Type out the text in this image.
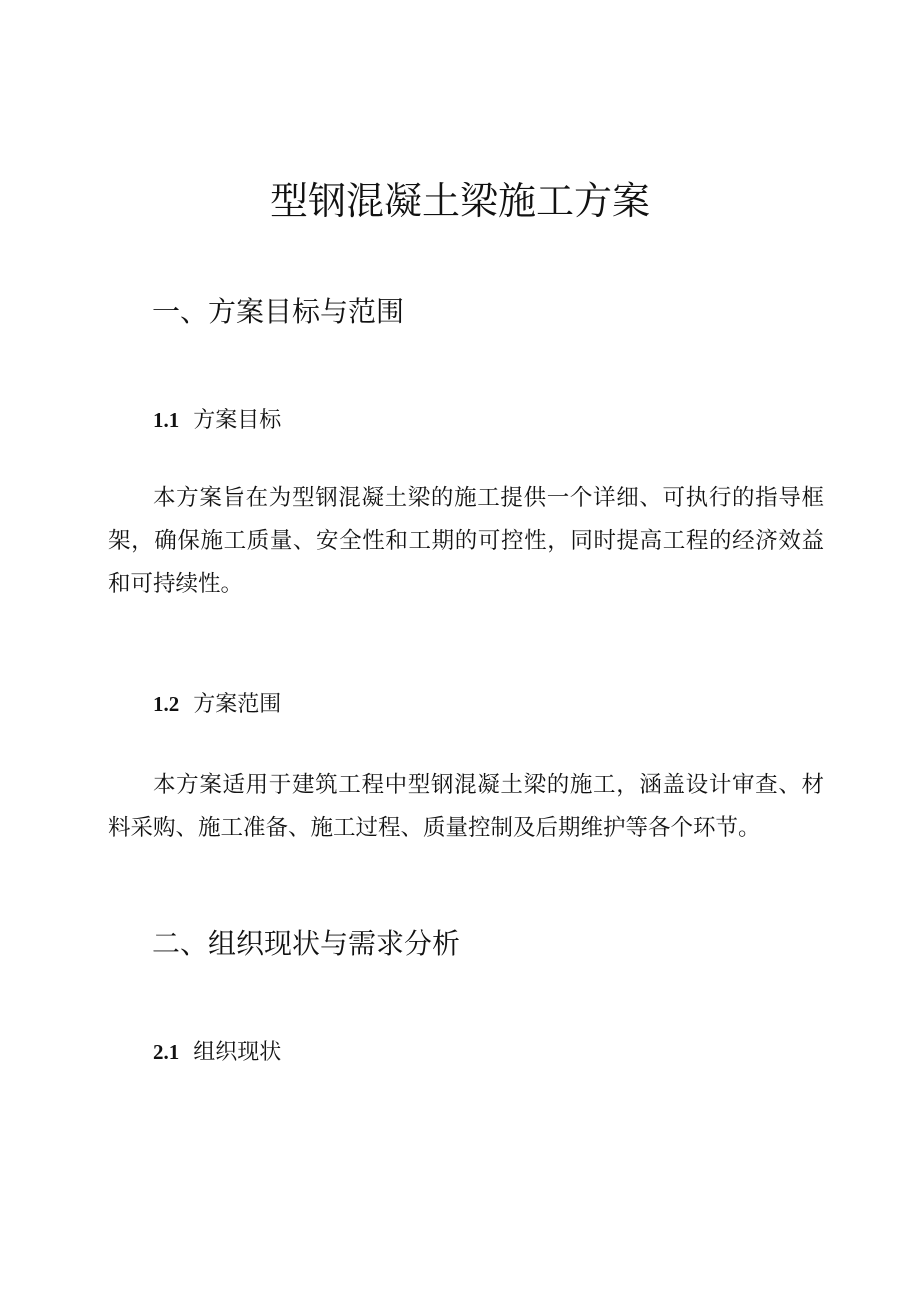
型钢混凝土梁施工方案
一、方案目标与范围
1.1 方案目标

本方案旨在为型钢混凝土梁的施工提供一个详细、可执行的指导框架，确保施工质量、安全性和工期的可控性，同时提高工程的经济效益和可持续性。

1.2 方案范围

本方案适用于建筑工程中型钢混凝土梁的施工，涵盖设计审查、材料采购、施工准备、施工过程、质量控制及后期维护等各个环节。

二、组织现状与需求分析
2.1 组织现状
